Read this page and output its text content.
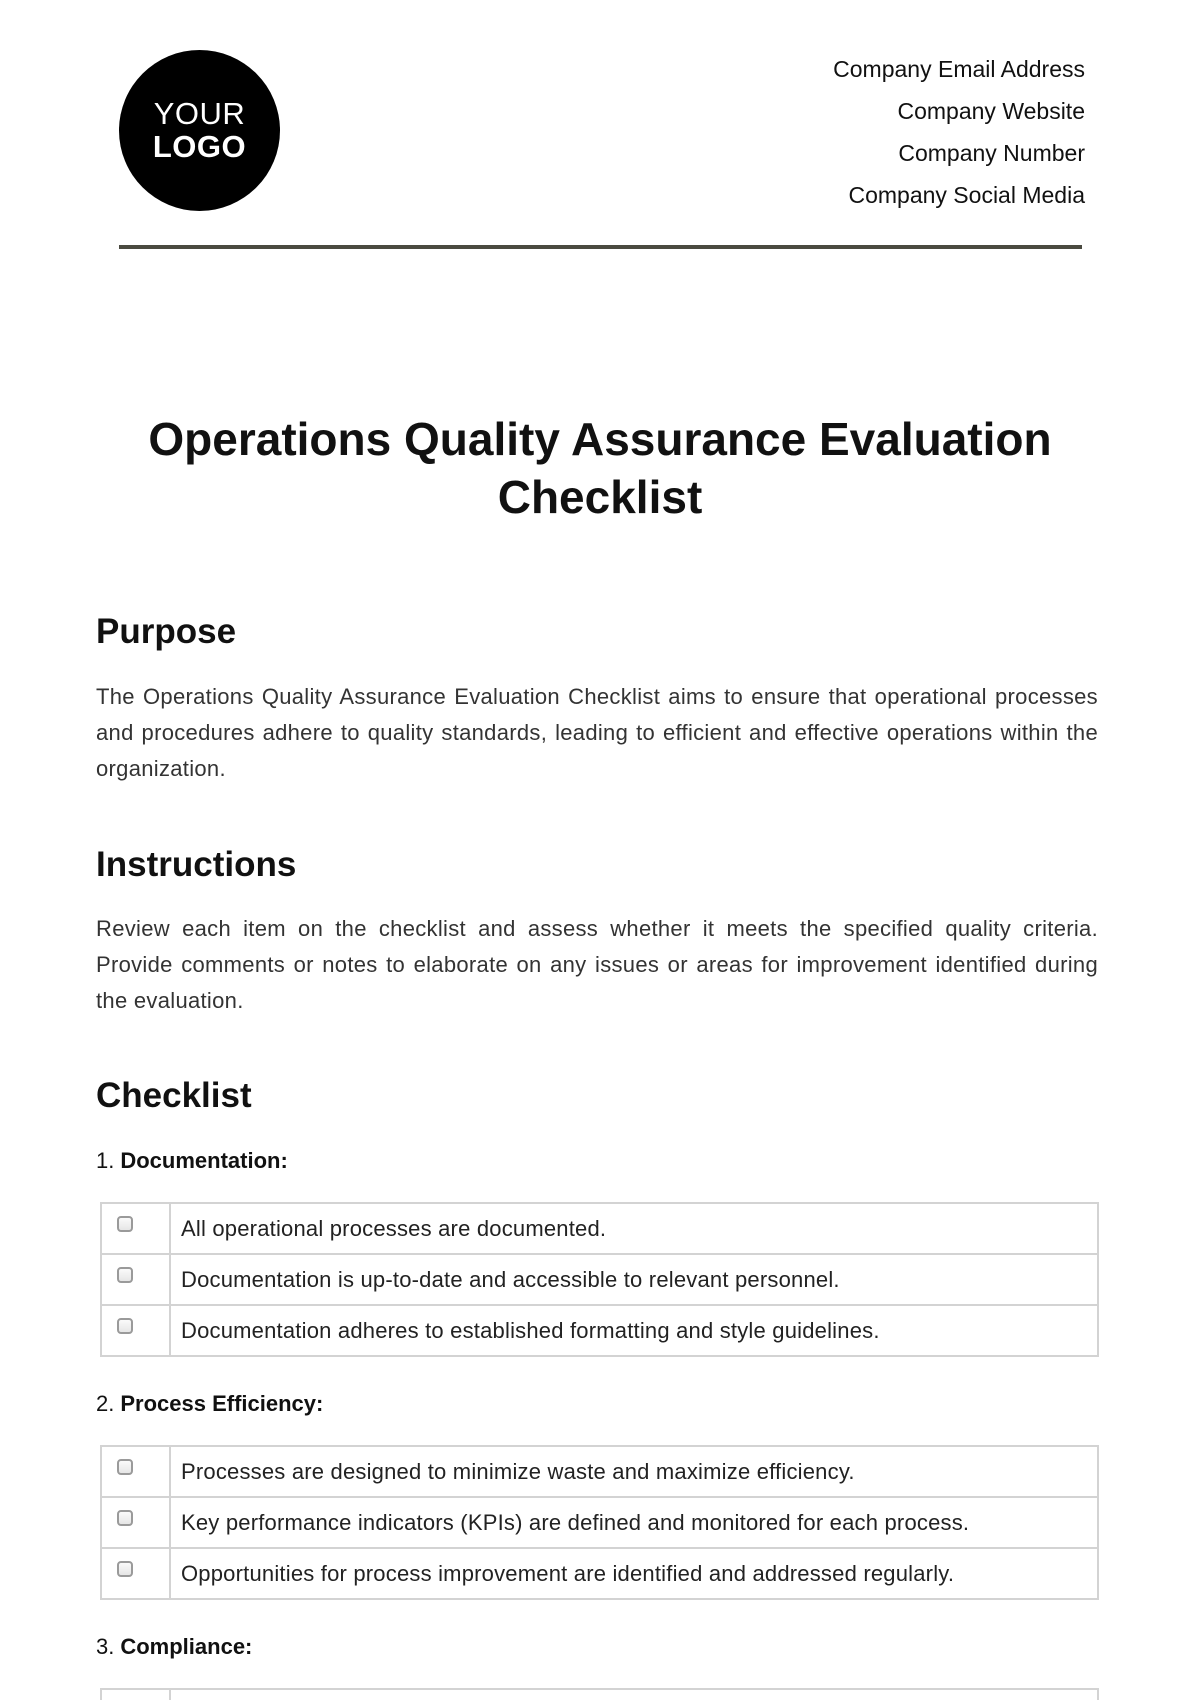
YOUR
LOGO
Company Email Address
Company Website
Company Number
Company Social Media
Operations Quality Assurance Evaluation Checklist
Purpose

The Operations Quality Assurance Evaluation Checklist aims to ensure that operational processes and procedures adhere to quality standards, leading to efficient and effective operations within the organization.

Instructions

Review each item on the checklist and assess whether it meets the specified quality criteria. Provide comments or notes to elaborate on any issues or areas for improvement identified during the evaluation.

Checklist
1. Documentation:
	All operational processes are documented.
	Documentation is up-to-date and accessible to relevant personnel.
	Documentation adheres to established formatting and style guidelines.
2. Process Efficiency:
	Processes are designed to minimize waste and maximize efficiency.
	Key performance indicators (KPIs) are defined and monitored for each process.
	Opportunities for process improvement are identified and addressed regularly.
3. Compliance:
